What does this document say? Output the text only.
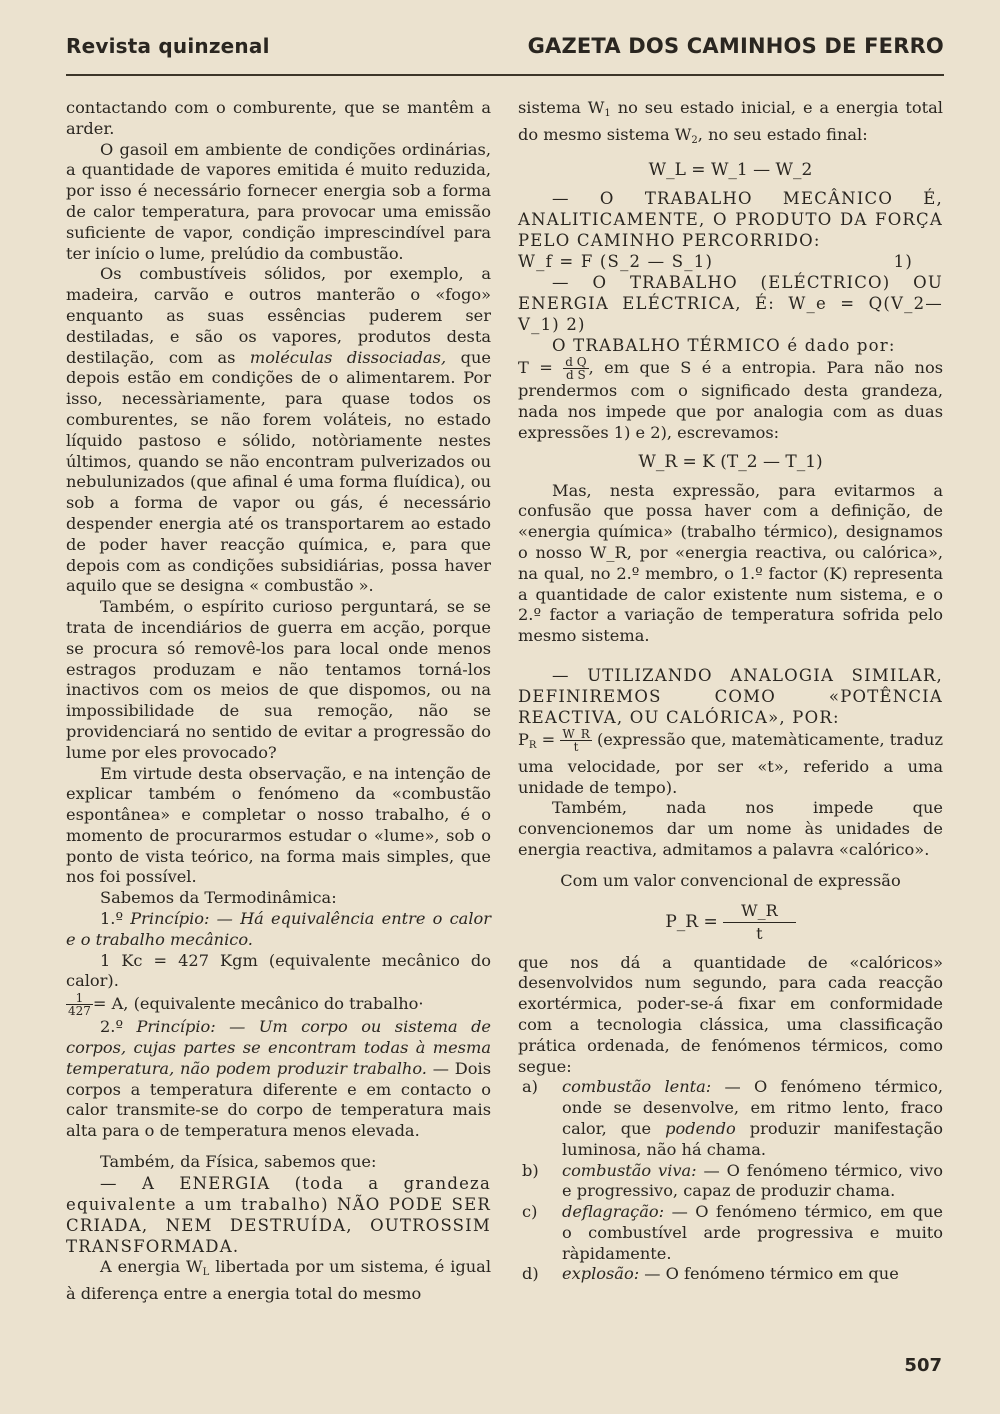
Revista quinzenal	GAZETA DOS CAMINHOS DE FERRO

contactando com o comburente, que se mantêm a arder.

O gasoil em ambiente de condições ordinárias, a quantidade de vapores emitida é muito reduzida, por isso é necessário fornecer energia sob a forma de calor temperatura, para provocar uma emissão suficiente de vapor, condição imprescindível para ter início o lume, prelúdio da combustão.

Os combustíveis sólidos, por exemplo, a madeira, carvão e outros manterão o «fogo» enquanto as suas essências puderem ser destiladas, e são os vapores, produtos desta destilação, com as moléculas dissociadas, que depois estão em condições de o alimentarem. Por isso, necessàriamente, para quase todos os comburentes, se não forem voláteis, no estado líquido pastoso e sólido, notòriamente nestes últimos, quando se não encontram pulverizados ou nebulunizados (que afinal é uma forma fluídica), ou sob a forma de vapor ou gás, é necessário despender energia até os transportarem ao estado de poder haver reacção química, e, para que depois com as condições subsidiárias, possa haver aquilo que se designa « combustão ».

Também, o espírito curioso perguntará, se se trata de incendiários de guerra em acção, porque se procura só removê-los para local onde menos estragos produzam e não tentamos torná-los inactivos com os meios de que dispomos, ou na impossibilidade de sua remoção, não se providenciará no sentido de evitar a progressão do lume por eles provocado?

Em virtude desta observação, e na intenção de explicar também o fenómeno da «combustão espontânea» e completar o nosso trabalho, é o momento de procurarmos estudar o «lume», sob o ponto de vista teórico, na forma mais simples, que nos foi possível.

Sabemos da Termodinâmica:

1.º Princípio: — Há equivalência entre o calor e o trabalho mecânico.

1 Kc = 427 Kgm (equivalente mecânico do calor).

$\frac{1}{427} = A$, (equivalente mecânico do trabalho·

2.º Princípio: — Um corpo ou sistema de corpos, cujas partes se encontram todas à mesma temperatura, não podem produzir trabalho. — Dois corpos a temperatura diferente e em contacto o calor transmite-se do corpo de temperatura mais alta para o de temperatura menos elevada.

Também, da Física, sabemos que:

— A ENERGIA (toda a grandeza equivalente a um trabalho) NÃO PODE SER CRIADA, NEM DESTRUÍDA, OUTROSSIM TRANSFORMADA.

A energia $W_L$ libertada por um sistema, é igual à diferença entre a energia total do mesmo

sistema $W_1$ no seu estado inicial, e a energia total do mesmo sistema $W_2$, no seu estado final:

W_L = W_1 — W_2

— O TRABALHO MECÂNICO É, ANALITICAMENTE, O PRODUTO DA FORÇA PELO CAMINHO PERCORRIDO:

W_f = F (S_2 — S_1)	1)

— O TRABALHO (ELÉCTRICO) OU ENERGIA ELÉCTRICA, É: W_e = Q(V_2—V_1) 2)

O TRABALHO TÉRMICO é dado por:

$T = \frac{\text{d Q}}{\text{d S}}$ , em que S é a entropia. Para não nos prendermos com o significado desta grandeza, nada nos impede que por analogia com as duas expressões 1) e 2), escrevamos:

W_R = K (T_2 — T_1)

Mas, nesta expressão, para evitarmos a confusão que possa haver com a definição, de «energia química» (trabalho térmico), designamos o nosso W_R, por «energia reactiva, ou calórica», na qual, no 2.º membro, o 1.º factor (K) representa a quantidade de calor existente num sistema, e o 2.º factor a variação de temperatura sofrida pelo mesmo sistema.

— UTILIZANDO ANALOGIA SIMILAR, DEFINIREMOS COMO «POTÊNCIA REACTIVA, OU CALÓRICA», POR:

$P_R = \frac{W\_R}{t}$ (expressão que, matemàticamente, traduz uma velocidade, por ser «t», referido a uma unidade de tempo).

Também, nada nos impede que convencionemos dar um nome às unidades de energia reactiva, admitamos a palavra «calórico».

Com um valor convencional de expressão

P_R = $\frac{W\_R}{t}$

que nos dá a quantidade de «calóricos» desenvolvidos num segundo, para cada reacção exortérmica, poder-se-á fixar em conformidade com a tecnologia clássica, uma classificação prática ordenada, de fenómenos térmicos, como segue:

a)	combustão lenta: — O fenómeno térmico, onde se desenvolve, em ritmo lento, fraco calor, que podendo produzir manifestação luminosa, não há chama.
b)	combustão viva: — O fenómeno térmico, vivo e progressivo, capaz de produzir chama.
c)	deflagração: — O fenómeno térmico, em que o combustível arde progressiva e muito ràpidamente.
d)	explosão: — O fenómeno térmico em que
507
